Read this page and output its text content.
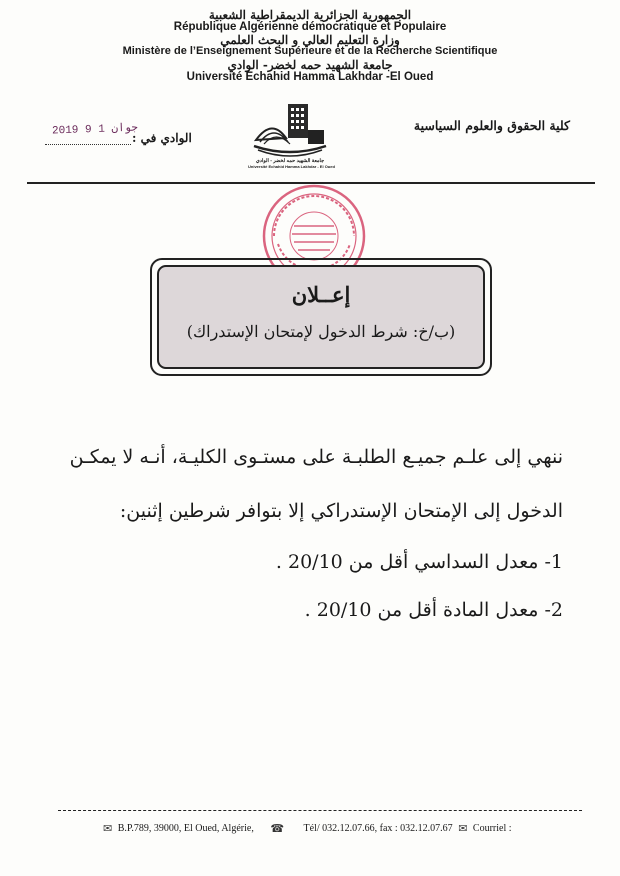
الجمهورية الجزائرية الديمقراطية الشعبية
République Algérienne démocratique et Populaire
وزارة التعليم العالي و البحث العلمي
Ministère de l’Enseignement Supérieure et de la Recherche Scientifique
جامعة الشهيد حمه لخضر- الوادي
Université Echahid Hamma Lakhdar -El Oued
كلية الحقوق والعلوم السياسية
2019 جوان 1 9
الوادي في :
جامعة الشهيد حمه لخضر - الوادي
Université Echahid Hamma Lakhdar - El Oued
إعــلان
(ب/خ: شرط الدخول لإمتحان الإستدراك)
ننهي إلى علـم جميـع الطلبـة على مستـوى الكليـة، أنـه لا يمكـن
الدخول إلى الإمتحان الإستدراكي إلا بتوافر شرطين إثنين:
1- معدل السداسي أقل من 20/10 .
2- معدل المادة أقل من 20/10 .
✉ B.P.789, 39000, El Oued, Algérie, ☎ Tél/ 032.12.07.66, fax : 032.12.07.67 ✉ Courriel :
